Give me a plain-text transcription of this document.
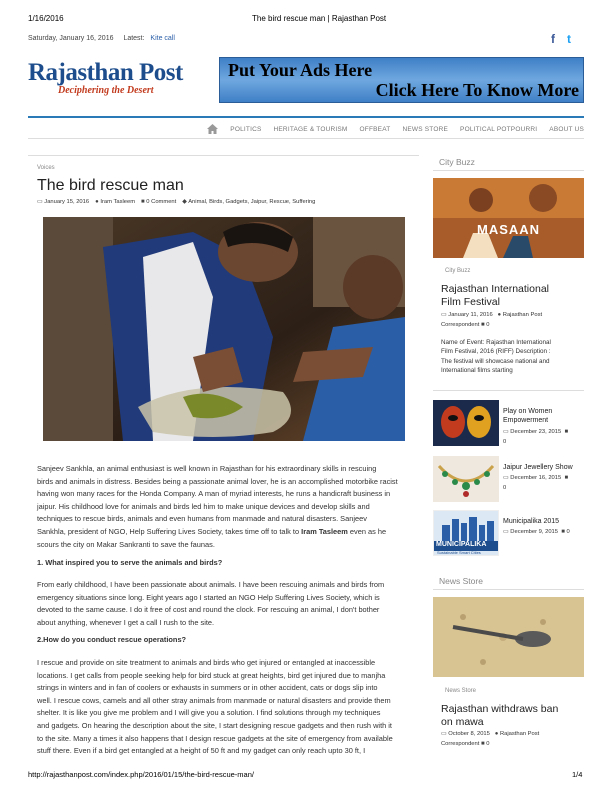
1/16/2016	The bird rescue man | Rajasthan Post
Saturday, January 16, 2016 Latest: Kite call	f t
Rajasthan Post
Deciphering the Desert
Put Your Ads Here
Click Here To Know More
POLITICS HERITAGE & TOURISM OFFBEAT NEWS STORE POLITICAL POTPOURRI ABOUT US
Voices
The bird rescue man
▭ January 15, 2016 ● Iram Tasleem ■ 0 Comment ◆ Animal, Birds, Gadgets, Jaipur, Rescue, Suffering
Sanjeev Sankhla, an animal enthusiast is well known in Rajasthan for his extraordinary skills in rescuing
birds and animals in distress. Besides being a passionate animal lover, he is an accomplished motorbike racist
having won many races for the Honda Company. A man of myriad interests, he runs a handicraft business in
jaipur. His childhood love for animals and birds led him to make unique devices and develop skills and
techniques to rescue birds, animals and even humans from manmade and natural disasters. Sanjeev
Sankhla, president of NGO, Help Suffering Lives Society, takes time off to talk to Iram Tasleem even as he
scours the city on Makar Sankranti to save the faunas.
1. What inspired you to serve the animals and birds?
From early childhood, I have been passionate about animals. I have been rescuing animals and birds from
emergency situations since long. Eight years ago I started an NGO Help Suffering Lives Society, which is
devoted to the same cause. I do it free of cost and round the clock. For rescuing an animal, I don't bother
about anything, whenever I get a call I rush to the site.
2.How do you conduct rescue operations?
I rescue and provide on site treatment to animals and birds who get injured or entangled at inaccessible
locations. I get calls from people seeking help for bird stuck at great heights, bird get injured due to manjha
strings in winters and in fan of coolers or exhausts in summers or in other accident, cats or dogs slip into
well. I rescue cows, camels and all other stray animals from manmade or natural disasters and provide them
shelter. It is like you give me problem and I will give you a solution. I find solutions through my techniques
and gadgets. On hearing the description about the site, I start designing rescue gadgets and then rush with it
to the site. Many a times it also happens that I design rescue gadgets at the site of emergency from available
stuff there. Even if a bird get entangled at a height of 50 ft and my gadget can only reach upto 30 ft, I
City Buzz
MASAAN
City Buzz
Rajasthan International
Film Festival
▭ January 11, 2016 ● Rajasthan Post
Correspondent ■ 0
Name of Event: Rajasthan International
Film Festival, 2016 (RIFF) Description :
The festival will showcase national and
International films starting
Play on Women
Empowerment
▭ December 23, 2015 ■
0
Jaipur Jewellery Show
▭ December 16, 2015 ■
0
MUNICIPALIKA
Sustainable Smart Cities
Municipalika 2015
▭ December 9, 2015 ■ 0
News Store
News Store
Rajasthan withdraws ban
on mawa
▭ October 8, 2015 ● Rajasthan Post
Correspondent ■ 0
http://rajasthanpost.com/index.php/2016/01/15/the-bird-rescue-man/	1/4
